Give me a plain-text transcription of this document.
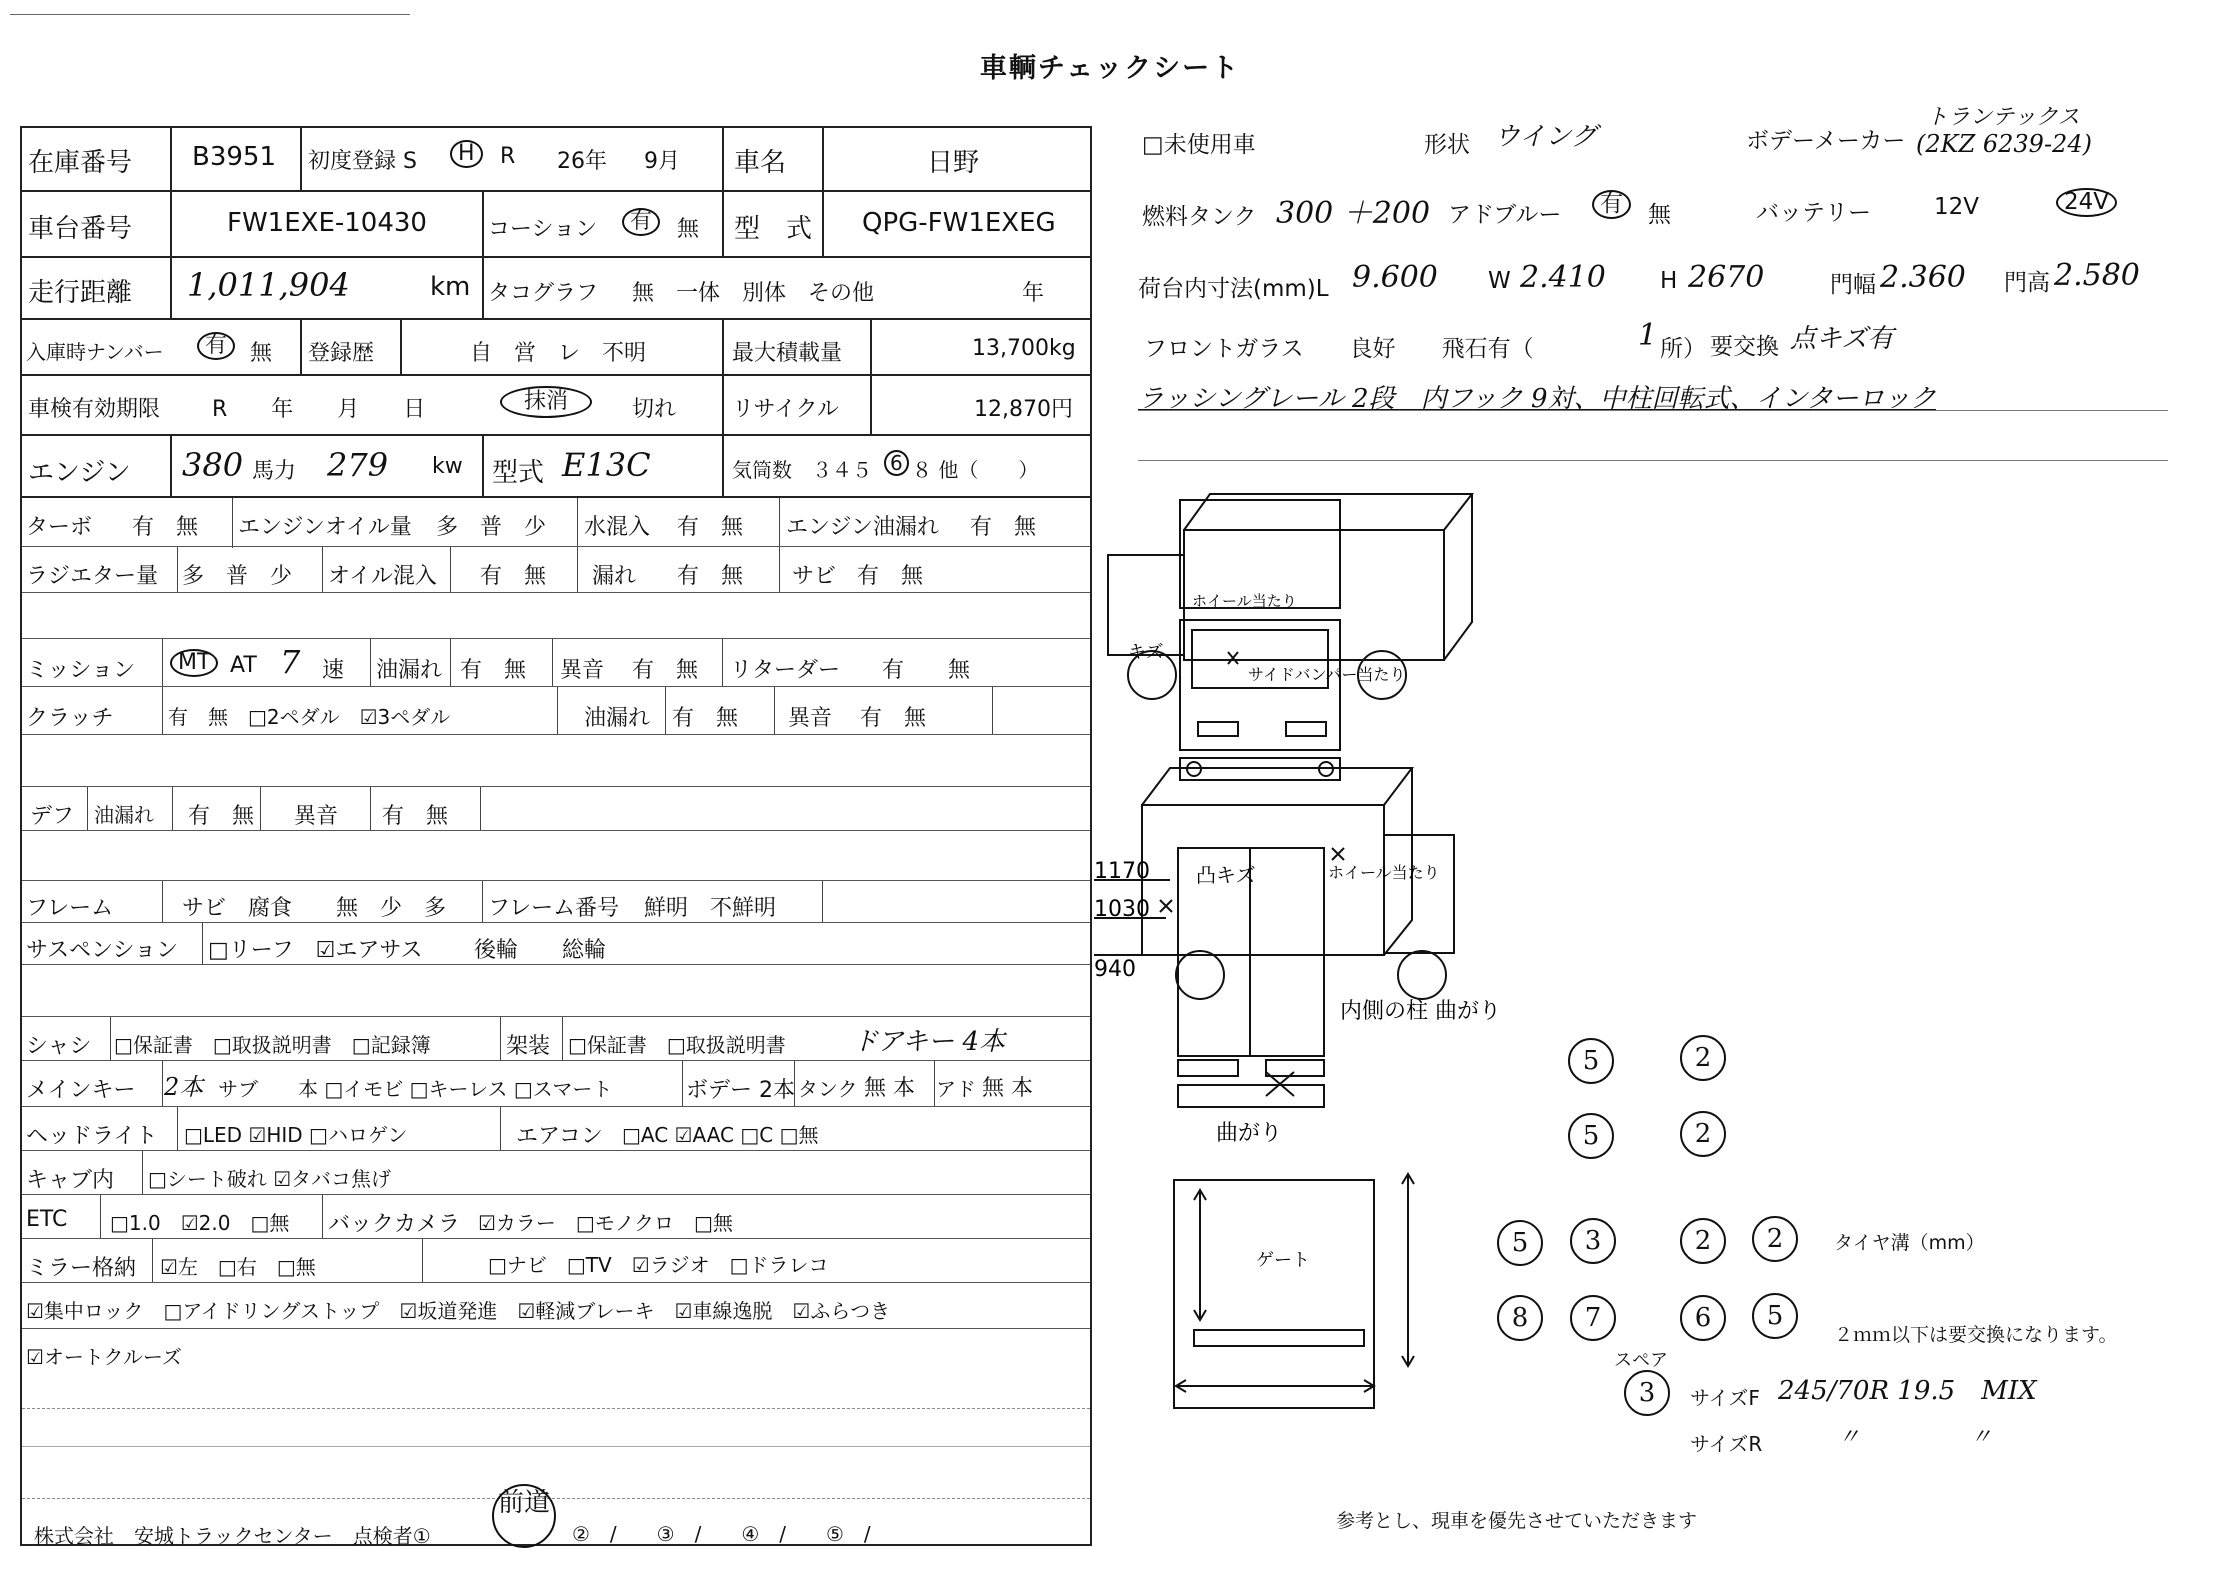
車輌チェックシート
在庫番号 B3951 初度登録 S	H	R 26年 9月 車名	日野
車台番号	FW1EXE-10430	コーション	有	無 型　式 QPG-FW1EXEG
走行距離 1,011,904	km タコグラフ 無　一体　別体　その他	年
入庫時ナンバー	有	無 登録歴	自　営　レ　不明	最大積載量	13,700kg
車検有効期限 R　　年　　月　　日	抹消	切れ	リサイクル	12,870円
エンジン 380 馬力 279 kw 型式 E13C	気筒数　３４５ 6 ８ 他（　　）
ターボ 有　無 エンジンオイル量 多　普　少 水混入 有　無 エンジン油漏れ 有　無
ラジエター量 多　普　少 オイル混入 有　無 漏れ 有　無 サビ 有　無
ミッション	MT AT 7 速 油漏れ 有　無 異音 有　無 リターダー 有　　無
クラッチ	有　無　□2ペダル　☑3ペダル	油漏れ 有　無 異音 有　無
デフ 油漏れ 有　無 異音 有　無
フレーム	サビ　腐食　　無　少　多 フレーム番号 鮮明　不鮮明
サスペンション □リーフ　☑エアサス 後輪　　総輪
シャシ □保証書　□取扱説明書　□記録簿	架装 □保証書　□取扱説明書	ドアキー 4本
メインキー 2本 サブ　　本 □イモビ □キーレス □スマート	ボデー 2本 タンク 無 本 アド 無 本
ヘッドライト □LED ☑HID □ハロゲン	エアコン □AC ☑AAC □C □無
キャブ内 □シート破れ ☑タバコ焦げ
ETC □1.0　☑2.0　□無 バックカメラ ☑カラー　□モノクロ　□無
ミラー格納 ☑左　□右　□無	□ナビ　□TV　☑ラジオ　□ドラレコ
☑集中ロック　□アイドリングストップ　☑坂道発進　☑軽減ブレーキ　☑車線逸脱　☑ふらつき
☑オートクルーズ
株式会社　安城トラックセンター　点検者①
前道
②　/　　③　/　　④　/　　⑤　/
□未使用車	形状 ウイング	ボデーメーカー
トランテックス
(2KZ 6239-24)
燃料タンク 300 ＋200 アドブルー	有	無	バッテリー	12V	24V
荷台内寸法(mm)L 9.600 W 2.410 H 2670	門幅 2.360 門高 2.580
フロントガラス　　良好　　飛石有（	1 所） 要交換 点キズ有
ラッシングレール 2段　内フック 9対、中柱回転式、インターロック
キズ
ホイール当たり
サイドバンパー当たり
凸キズ	ホイール当たり
1170
1030
940
内側の柱 曲がり
曲がり
ゲート
5	2
5	2
5	3	2	2
8	7	6	5
タイヤ溝（mm）
２ｍｍ以下は要交換になります。
スペア
3	サイズF 245/70R 19.5　MIX
サイズR	〃　　　　　〃
参考とし、現車を優先させていただきます
